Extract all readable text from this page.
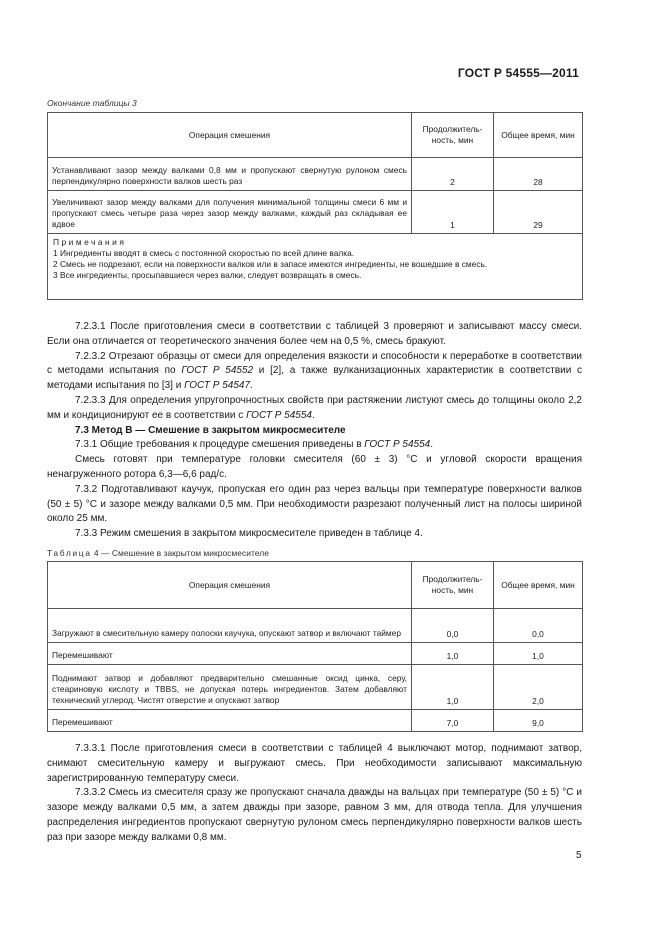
ГОСТ Р 54555—2011
Окончание таблицы 3
Операция смешения	Продолжитель-ность, мин	Общее время, мин
Устанавливают зазор между валками 0,8 мм и пропускают свернутую рулоном смесь перпендикулярно поверхности валков шесть раз	2	28
Увеличивают зазор между валками для получения минимальной толщины смеси 6 мм и пропускают смесь четыре раза через зазор между валками, каждый раз складывая ее вдвое	1	29

Примечания
1 Ингредиенты вводят в смесь с постоянной скоростью по всей длине валка.
2 Смесь не подрезают, если на поверхности валков или в запасе имеются ингредиенты, не вошедшие в смесь.
3 Все ингредиенты, просыпавшиеся через валки, следует возвращать в смесь.		

7.2.3.1 После приготовления смеси в соответствии с таблицей 3 проверяют и записывают массу смеси. Если она отличается от теоретического значения более чем на 0,5 %, смесь бракуют.

7.2.3.2 Отрезают образцы от смеси для определения вязкости и способности к переработке в соответствии с методами испытания по ГОСТ Р 54552 и [2], а также вулканизационных характеристик в соответствии с методами испытания по [3] и ГОСТ Р 54547.

7.2.3.3 Для определения упругопрочностных свойств при растяжении листуют смесь до толщины около 2,2 мм и кондиционируют ее в соответствии с ГОСТ Р 54554.

7.3 Метод B — Смешение в закрытом микросмесителе

7.3.1 Общие требования к процедуре смешения приведены в ГОСТ Р 54554.

Смесь готовят при температуре головки смесителя (60 ± 3) °С и угловой скорости вращения ненагруженного ротора 6,3—6,6 рад/с.

7.3.2 Подготавливают каучук, пропуская его один раз через вальцы при температуре поверхности валков (50 ± 5) °С и зазоре между валками 0,5 мм. При необходимости разрезают полученный лист на полосы шириной около 25 мм.

7.3.3 Режим смешения в закрытом микросмесителе приведен в таблице 4.

Таблица 4 — Смешение в закрытом микросмесителе
Операция смешения	Продолжитель-ность, мин	Общее время, мин
Загружают в смесительную камеру полоски каучука, опускают затвор и включают таймер	0,0	0,0
Перемешивают	1,0	1,0
Поднимают затвор и добавляют предварительно смешанные оксид цинка, серу, стеариновую кислоту и TBBS, не допуская потерь ингредиентов. Затем добавляют технический углерод. Чистят отверстие и опускают затвор	1,0	2,0
Перемешивают	7,0	9,0

7.3.3.1 После приготовления смеси в соответствии с таблицей 4 выключают мотор, поднимают затвор, снимают смесительную камеру и выгружают смесь. При необходимости записывают максимальную зарегистрированную температуру смеси.

7.3.3.2 Смесь из смесителя сразу же пропускают сначала дважды на вальцах при температуре (50 ± 5) °С и зазоре между валками 0,5 мм, а затем дважды при зазоре, равном 3 мм, для отвода тепла. Для улучшения распределения ингредиентов пропускают свернутую рулоном смесь перпендикулярно поверхности валков шесть раз при зазоре между валками 0,8 мм.

5
